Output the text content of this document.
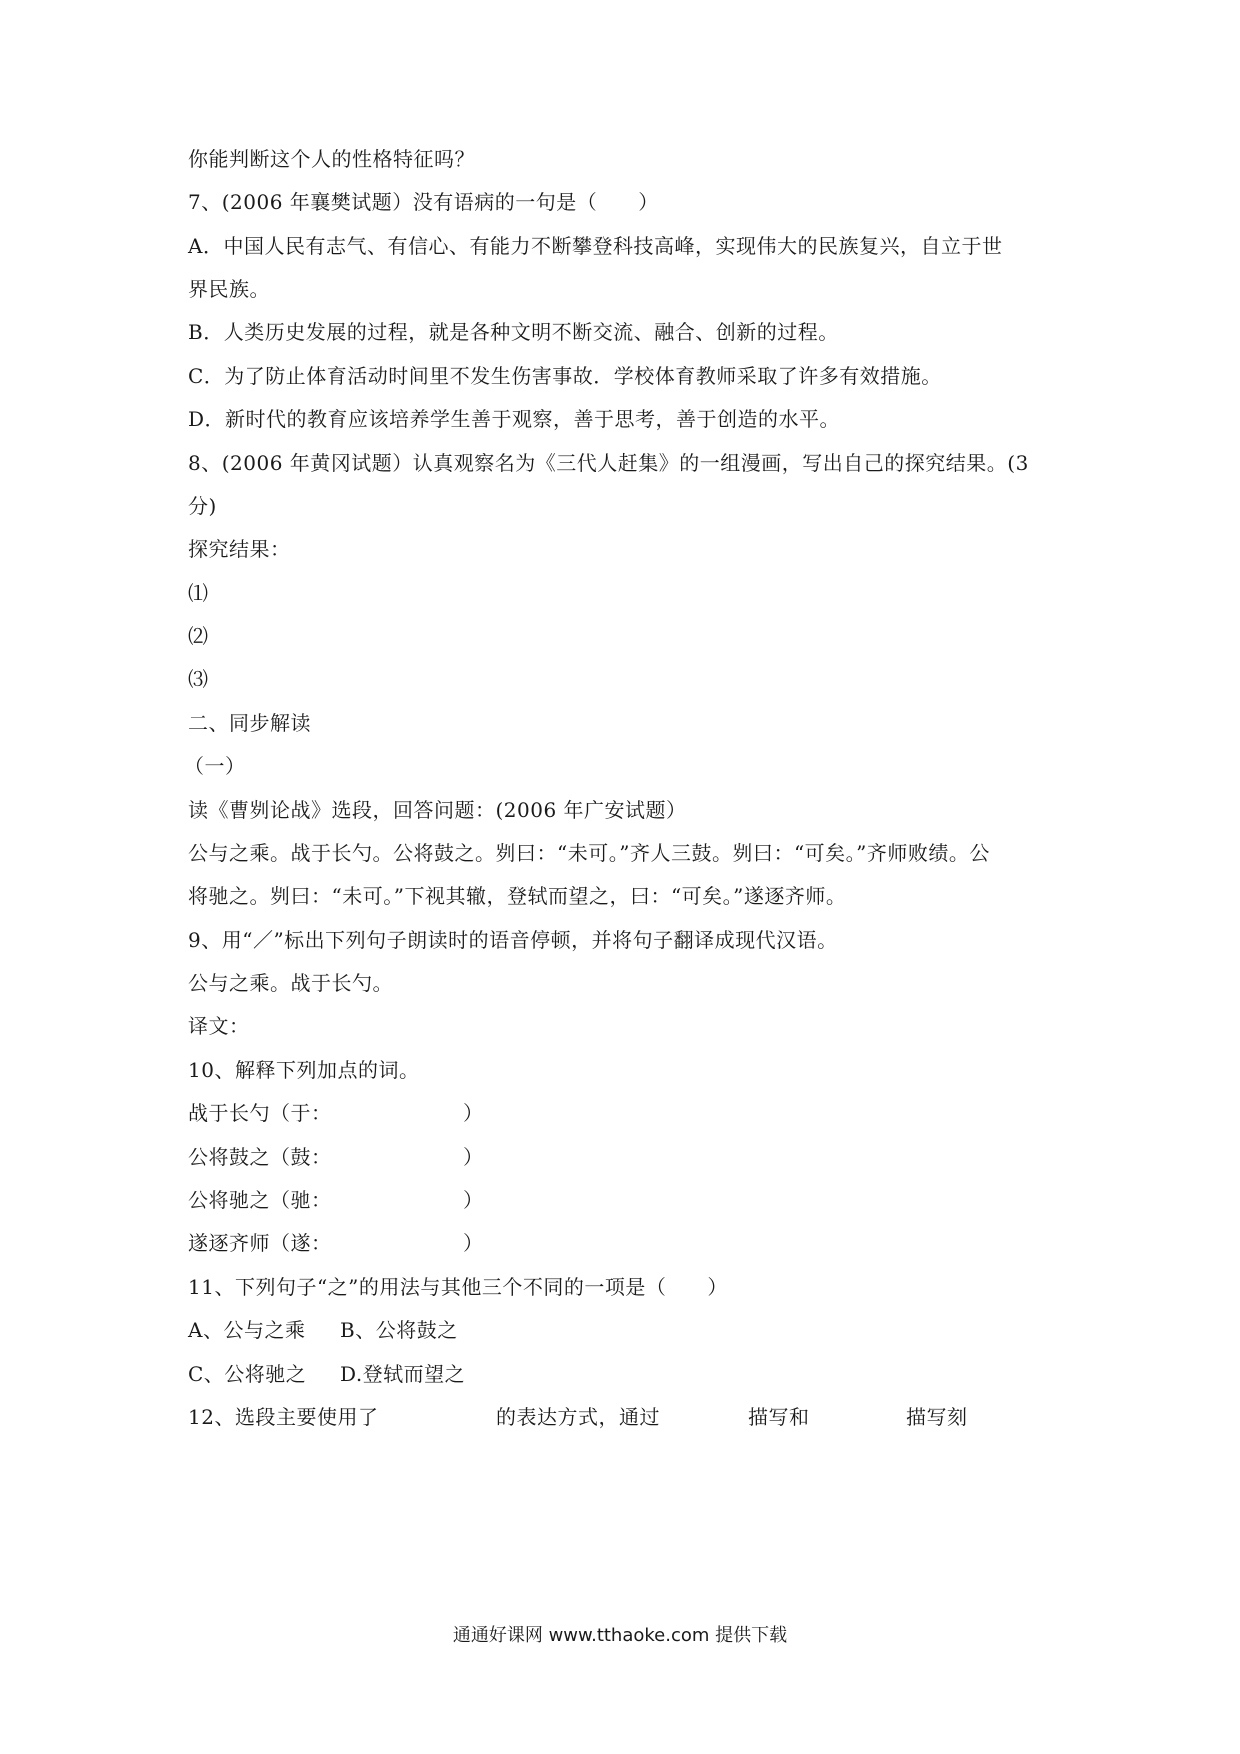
你能判断这个人的性格特征吗？

7、(2006 年襄樊试题）没有语病的一句是（　　）

A．中国人民有志气、有信心、有能力不断攀登科技高峰，实现伟大的民族复兴，自立于世

界民族。

B．人类历史发展的过程，就是各种文明不断交流、融合、创新的过程。

C．为了防止体育活动时间里不发生伤害事故．学校体育教师采取了许多有效措施。

D．新时代的教育应该培养学生善于观察，善于思考，善于创造的水平。

8、(2006 年黄冈试题）认真观察名为《三代人赶集》的一组漫画，写出自己的探究结果。(3

分)

探究结果：

⑴

⑵

⑶

二、同步解读

（一）

读《曹刿论战》选段，回答问题：(2006 年广安试题）

公与之乘。战于长勺。公将鼓之。刿曰：“未可。”齐人三鼓。刿曰：“可矣。”齐师败绩。公

将驰之。刿曰：“未可。”下视其辙，登轼而望之，曰：“可矣。”遂逐齐师。

9、用“／”标出下列句子朗读时的语音停顿，并将句子翻译成现代汉语。

公与之乘。战于长勺。

译文：

10、解释下列加点的词。

战于长勺（于：	）

公将鼓之（鼓：	）

公将驰之（驰：	）

遂逐齐师（遂：	）

11、下列句子“之”的用法与其他三个不同的一项是（　　）

A、公与之乘 B、公将鼓之

C、公将驰之 D.登轼而望之

12、选段主要使用了	的表达方式，通过	描写和	描写刻

通通好课网 www.tthaoke.com 提供下载
